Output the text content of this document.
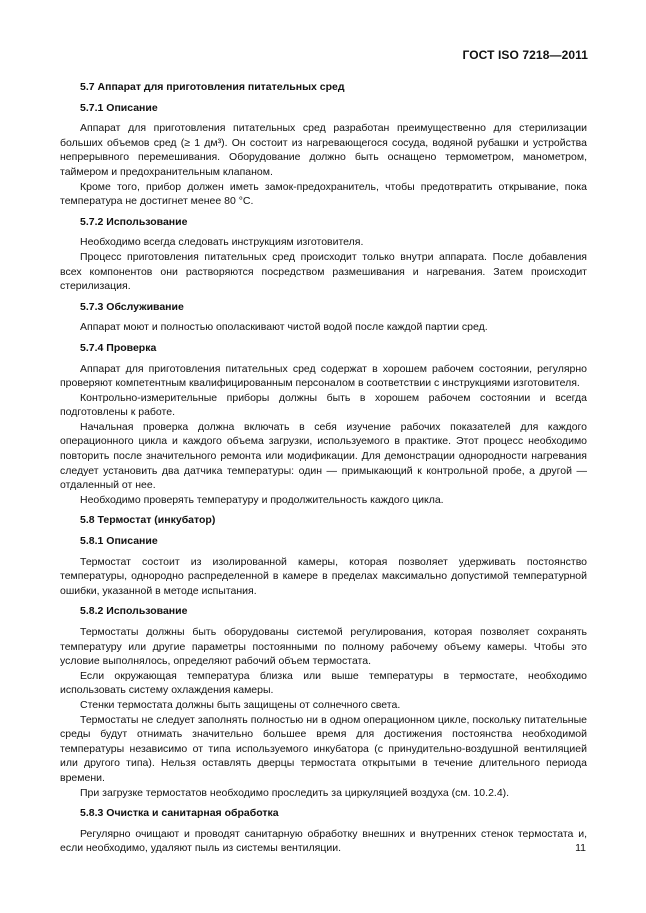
ГОСТ ISO 7218—2011
5.7 Аппарат для приготовления питательных сред
5.7.1 Описание
Аппарат для приготовления питательных сред разработан преимущественно для стерилизации больших объемов сред (≥ 1 дм³). Он состоит из нагревающегося сосуда, водяной рубашки и устройства непрерывного перемешивания. Оборудование должно быть оснащено термометром, манометром, таймером и предохранительным клапаном.
Кроме того, прибор должен иметь замок-предохранитель, чтобы предотвратить открывание, пока температура не достигнет менее 80 °С.
5.7.2 Использование
Необходимо всегда следовать инструкциям изготовителя.
Процесс приготовления питательных сред происходит только внутри аппарата. После добавления всех компонентов они растворяются посредством размешивания и нагревания. Затем происходит стерилизация.
5.7.3 Обслуживание
Аппарат моют и полностью ополаскивают чистой водой после каждой партии сред.
5.7.4 Проверка
Аппарат для приготовления питательных сред содержат в хорошем рабочем состоянии, регулярно проверяют компетентным квалифицированным персоналом в соответствии с инструкциями изготовителя.
Контрольно-измерительные приборы должны быть в хорошем рабочем состоянии и всегда подготовлены к работе.
Начальная проверка должна включать в себя изучение рабочих показателей для каждого операционного цикла и каждого объема загрузки, используемого в практике. Этот процесс необходимо повторить после значительного ремонта или модификации. Для демонстрации однородности нагревания следует установить два датчика температуры: один — примыкающий к контрольной пробе, а другой — отдаленный от нее.
Необходимо проверять температуру и продолжительность каждого цикла.
5.8 Термостат (инкубатор)
5.8.1 Описание
Термостат состоит из изолированной камеры, которая позволяет удерживать постоянство температуры, однородно распределенной в камере в пределах максимально допустимой температурной ошибки, указанной в методе испытания.
5.8.2 Использование
Термостаты должны быть оборудованы системой регулирования, которая позволяет сохранять температуру или другие параметры постоянными по полному рабочему объему камеры. Чтобы это условие выполнялось, определяют рабочий объем термостата.
Если окружающая температура близка или выше температуры в термостате, необходимо использовать систему охлаждения камеры.
Стенки термостата должны быть защищены от солнечного света.
Термостаты не следует заполнять полностью ни в одном операционном цикле, поскольку питательные среды будут отнимать значительно большее время для достижения постоянства необходимой температуры независимо от типа используемого инкубатора (с принудительно-воздушной вентиляцией или другого типа). Нельзя оставлять дверцы термостата открытыми в течение длительного периода времени.
При загрузке термостатов необходимо проследить за циркуляцией воздуха (см. 10.2.4).
5.8.3 Очистка и санитарная обработка
Регулярно очищают и проводят санитарную обработку внешних и внутренних стенок термостата и, если необходимо, удаляют пыль из системы вентиляции.	11
